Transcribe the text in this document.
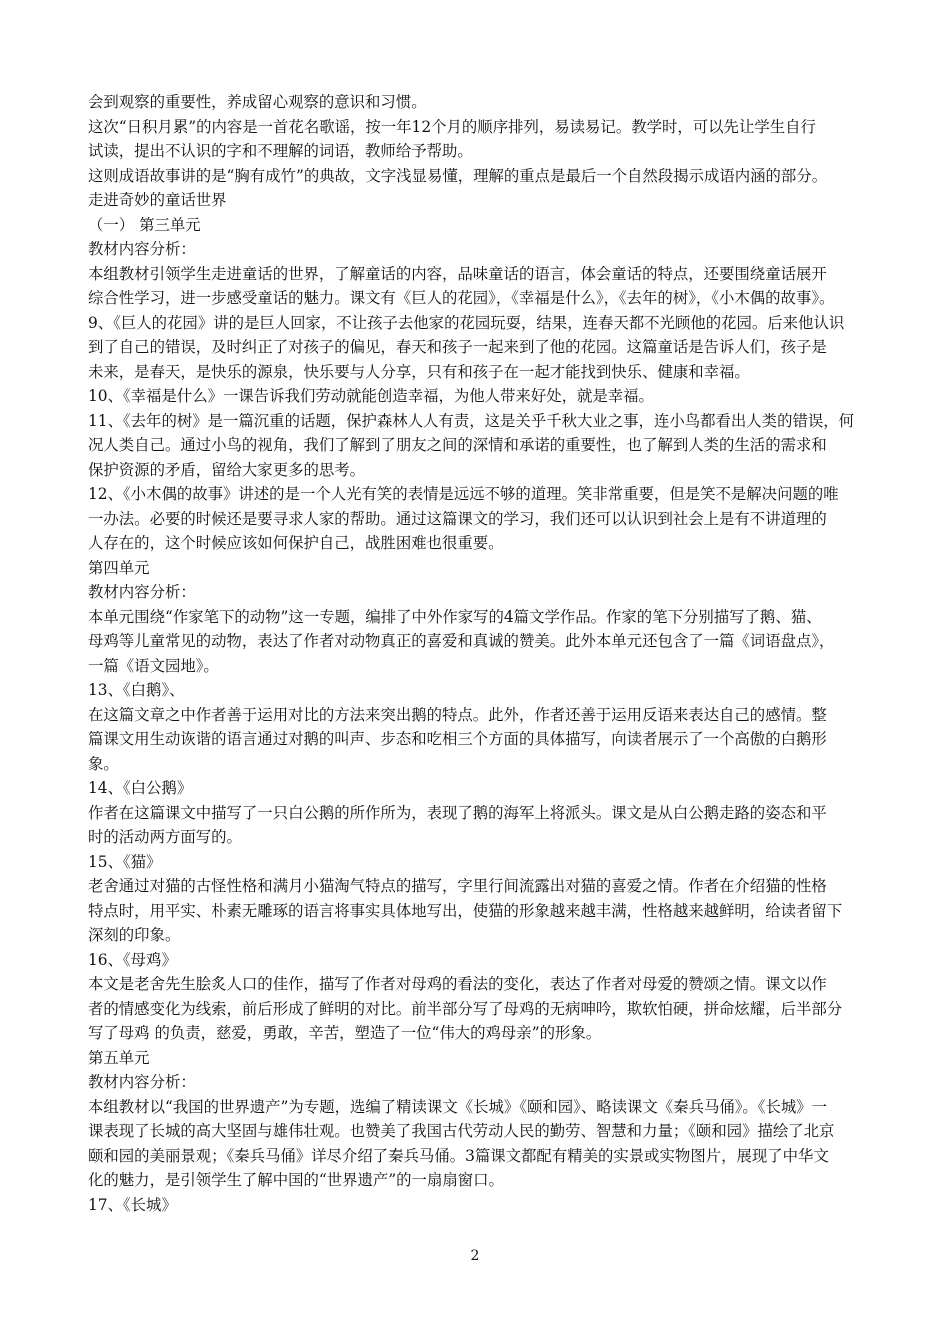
会到观察的重要性，养成留心观察的意识和习惯。
这次“日积月累”的内容是一首花名歌谣，按一年12个月的顺序排列，易读易记。教学时，可以先让学生自行
试读，提出不认识的字和不理解的词语，教师给予帮助。
这则成语故事讲的是“胸有成竹”的典故，文字浅显易懂，理解的重点是最后一个自然段揭示成语内涵的部分。
走进奇妙的童话世界
（一） 第三单元
教材内容分析：
本组教材引领学生走进童话的世界，了解童话的内容，品味童话的语言，体会童话的特点，还要围绕童话展开
综合性学习，进一步感受童话的魅力。课文有《巨人的花园》，《幸福是什么》，《去年的树》，《小木偶的故事》。
9、《巨人的花园》讲的是巨人回家，不让孩子去他家的花园玩耍，结果，连春天都不光顾他的花园。后来他认识
到了自己的错误，及时纠正了对孩子的偏见，春天和孩子一起来到了他的花园。这篇童话是告诉人们，孩子是
未来，是春天，是快乐的源泉，快乐要与人分享，只有和孩子在一起才能找到快乐、健康和幸福。
10、《幸福是什么》一课告诉我们劳动就能创造幸福，为他人带来好处，就是幸福。
11、《去年的树》是一篇沉重的话题，保护森林人人有责，这是关乎千秋大业之事，连小鸟都看出人类的错误，何
况人类自己。通过小鸟的视角，我们了解到了朋友之间的深情和承诺的重要性，也了解到人类的生活的需求和
保护资源的矛盾，留给大家更多的思考。
12、《小木偶的故事》讲述的是一个人光有笑的表情是远远不够的道理。笑非常重要，但是笑不是解决问题的唯
一办法。必要的时候还是要寻求人家的帮助。通过这篇课文的学习，我们还可以认识到社会上是有不讲道理的
人存在的，这个时候应该如何保护自己，战胜困难也很重要。
第四单元
教材内容分析：
本单元围绕“作家笔下的动物”这一专题，编排了中外作家写的4篇文学作品。作家的笔下分别描写了鹅、猫、
母鸡等儿童常见的动物，表达了作者对动物真正的喜爱和真诚的赞美。此外本单元还包含了一篇《词语盘点》，
一篇《语文园地》。
13、《白鹅》、
在这篇文章之中作者善于运用对比的方法来突出鹅的特点。此外，作者还善于运用反语来表达自己的感情。整
篇课文用生动诙谐的语言通过对鹅的叫声、步态和吃相三个方面的具体描写，向读者展示了一个高傲的白鹅形
象。
14、《白公鹅》
作者在这篇课文中描写了一只白公鹅的所作所为，表现了鹅的海军上将派头。课文是从白公鹅走路的姿态和平
时的活动两方面写的。
15、《猫》
老舍通过对猫的古怪性格和满月小猫淘气特点的描写，字里行间流露出对猫的喜爱之情。作者在介绍猫的性格
特点时，用平实、朴素无雕琢的语言将事实具体地写出，使猫的形象越来越丰满，性格越来越鲜明，给读者留下
深刻的印象。
16、《母鸡》
本文是老舍先生脍炙人口的佳作，描写了作者对母鸡的看法的变化，表达了作者对母爱的赞颂之情。课文以作
者的情感变化为线索，前后形成了鲜明的对比。前半部分写了母鸡的无病呻吟，欺软怕硬，拼命炫耀，后半部分
写了母鸡 的负责，慈爱，勇敢，辛苦，塑造了一位“伟大的鸡母亲”的形象。
第五单元
教材内容分析：
本组教材以“我国的世界遗产”为专题，选编了精读课文《长城》《颐和园》、略读课文《秦兵马俑》。《长城》一
课表现了长城的高大坚固与雄伟壮观。也赞美了我国古代劳动人民的勤劳、智慧和力量；《颐和园》描绘了北京
颐和园的美丽景观；《秦兵马俑》详尽介绍了秦兵马俑。3篇课文都配有精美的实景或实物图片，展现了中华文
化的魅力，是引领学生了解中国的“世界遗产”的一扇扇窗口。
17、《长城》
2
